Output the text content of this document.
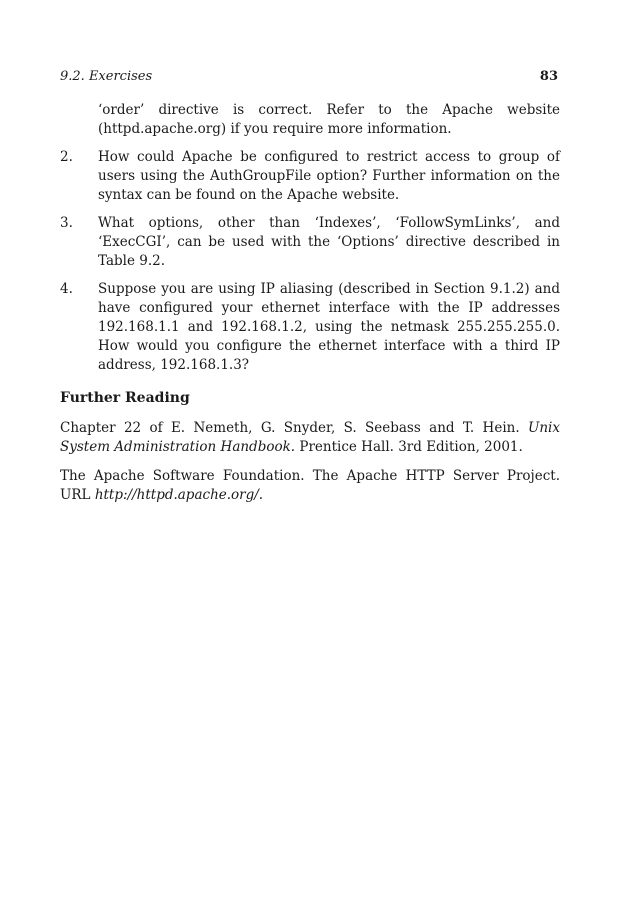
9.2. Exercises	83

‘order’ directive is correct. Refer to the Apache website (httpd.apache.org) if you require more information.

2.	How could Apache be configured to restrict access to group of users using the AuthGroupFile option? Further information on the syntax can be found on the Apache website.
3.	What options, other than ‘Indexes’, ‘FollowSymLinks’, and ‘ExecCGI’, can be used with the ‘Options’ directive described in Table 9.2.
4.	Suppose you are using IP aliasing (described in Section 9.1.2) and have configured your ethernet interface with the IP addresses 192.168.1.1 and 192.168.1.2, using the netmask 255.255.255.0. How would you configure the ethernet interface with a third IP address, 192.168.1.3?
Further Reading

Chapter 22 of E. Nemeth, G. Snyder, S. Seebass and T. Hein. Unix System Administration Handbook. Prentice Hall. 3rd Edition, 2001.

The Apache Software Foundation. The Apache HTTP Server Project. URL http://httpd.apache.org/.
